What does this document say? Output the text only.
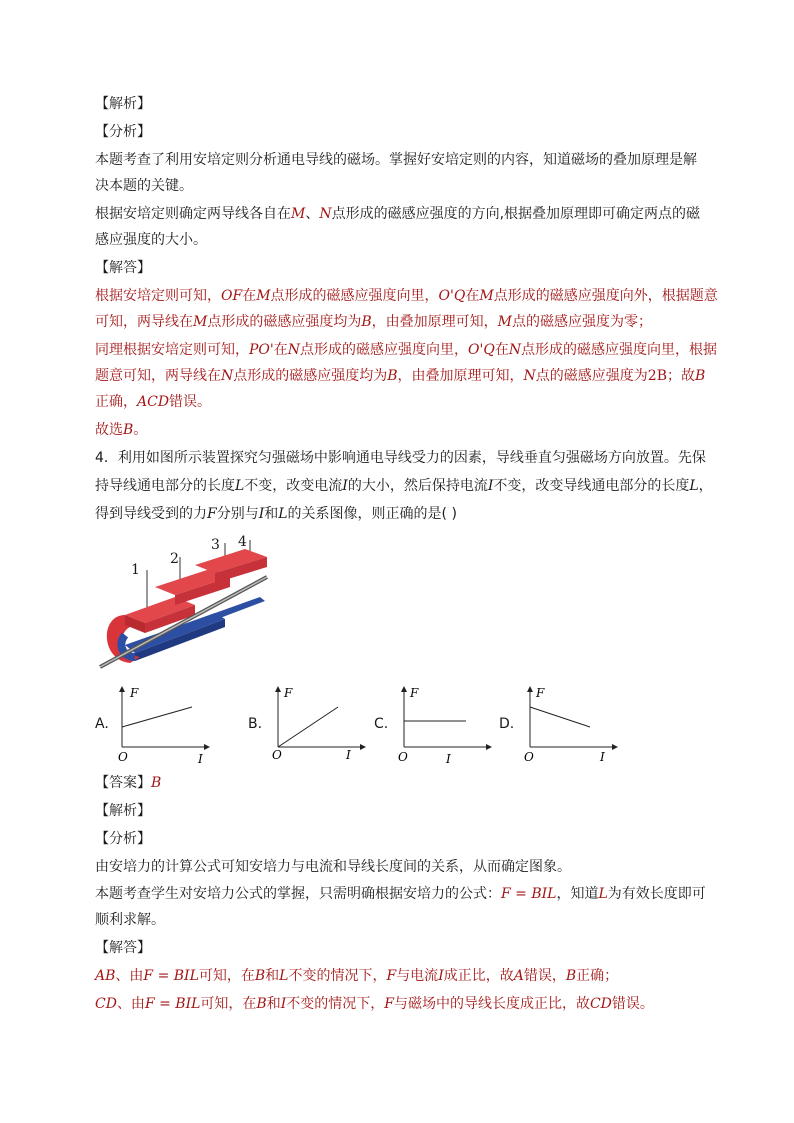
【解析】
【分析】
本题考查了利用安培定则分析通电导线的磁场。掌握好安培定则的内容，知道磁场的叠加原理是解
决本题的关键。
根据安培定则确定两导线各自在M、N点形成的磁感应强度的方向,根据叠加原理即可确定两点的磁
感应强度的大小。
【解答】
根据安培定则可知，OF在M点形成的磁感应强度向里，O'Q在M点形成的磁感应强度向外，根据题意
可知，两导线在M点形成的磁感应强度均为B，由叠加原理可知，M点的磁感应强度为零；
同理根据安培定则可知，PO'在N点形成的磁感应强度向里，O'Q在N点形成的磁感应强度向里，根据
题意可知，两导线在N点形成的磁感应强度均为B，由叠加原理可知，N点的磁感应强度为2B；故B
正确，ACD错误。
故选B。
4．利用如图所示装置探究匀强磁场中影响通电导线受力的因素，导线垂直匀强磁场方向放置。先保
持导线通电部分的长度L不变，改变电流I的大小，然后保持电流I不变，改变导线通电部分的长度L，
得到导线受到的力F分别与I和L的关系图像，则正确的是( )
1
2
3 4
A.
F
O	I
B.
F
O	I
C.
F
O	I
D.
F
O	I
【答案】B
【解析】
【分析】
由安培力的计算公式可知安培力与电流和导线长度间的关系，从而确定图象。
本题考查学生对安培力公式的掌握，只需明确根据安培力的公式：F = BIL，知道L为有效长度即可
顺利求解。
【解答】
AB、由F = BIL可知，在B和L不变的情况下，F与电流I成正比，故A错误，B正确；
CD、由F = BIL可知，在B和I不变的情况下，F与磁场中的导线长度成正比，故CD错误。
